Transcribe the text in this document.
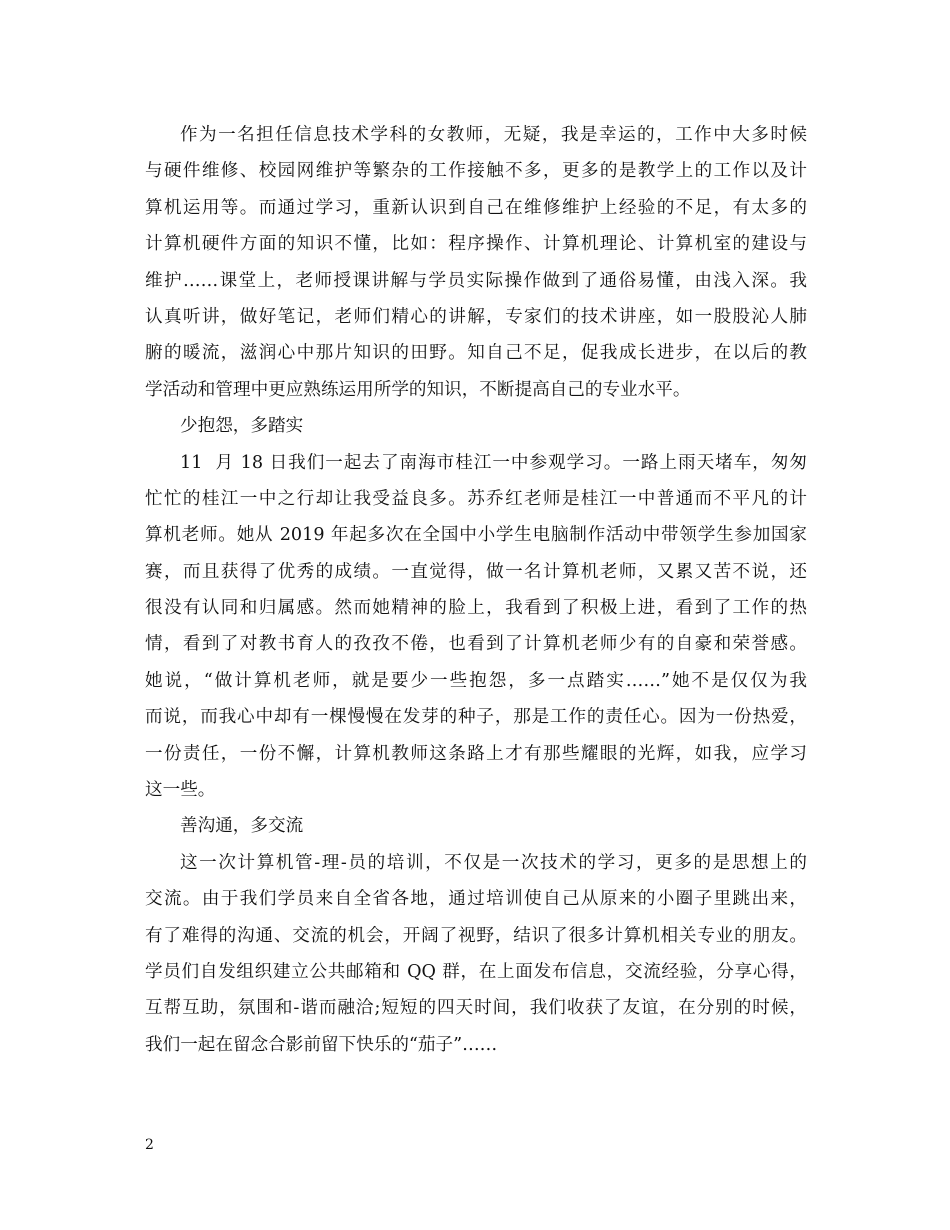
作为一名担任信息技术学科的女教师，无疑，我是幸运的，工作中大多时候
与硬件维修、校园网维护等繁杂的工作接触不多，更多的是教学上的工作以及计
算机运用等。而通过学习，重新认识到自己在维修维护上经验的不足，有太多的
计算机硬件方面的知识不懂，比如：程序操作、计算机理论、计算机室的建设与
维护……课堂上，老师授课讲解与学员实际操作做到了通俗易懂，由浅入深。我
认真听讲，做好笔记，老师们精心的讲解，专家们的技术讲座，如一股股沁人肺
腑的暖流，滋润心中那片知识的田野。知自己不足，促我成长进步，在以后的教
学活动和管理中更应熟练运用所学的知识，不断提高自己的专业水平。
少抱怨，多踏实
11  月 18 日我们一起去了南海市桂江一中参观学习。一路上雨天堵车，匆匆
忙忙的桂江一中之行却让我受益良多。苏乔红老师是桂江一中普通而不平凡的计
算机老师。她从 2019 年起多次在全国中小学生电脑制作活动中带领学生参加国家
赛，而且获得了优秀的成绩。一直觉得，做一名计算机老师，又累又苦不说，还
很没有认同和归属感。然而她精神的脸上，我看到了积极上进，看到了工作的热
情，看到了对教书育人的孜孜不倦，也看到了计算机老师少有的自豪和荣誉感。
她说，“做计算机老师，就是要少一些抱怨，多一点踏实……”她不是仅仅为我
而说，而我心中却有一棵慢慢在发芽的种子，那是工作的责任心。因为一份热爱，
一份责任，一份不懈，计算机教师这条路上才有那些耀眼的光辉，如我，应学习
这一些。
善沟通，多交流
这一次计算机管-理-员的培训，不仅是一次技术的学习，更多的是思想上的
交流。由于我们学员来自全省各地，通过培训使自己从原来的小圈子里跳出来，
有了难得的沟通、交流的机会，开阔了视野，结识了很多计算机相关专业的朋友。
学员们自发组织建立公共邮箱和 QQ 群，在上面发布信息，交流经验，分享心得，
互帮互助，氛围和-谐而融洽;短短的四天时间，我们收获了友谊，在分别的时候，
我们一起在留念合影前留下快乐的“茄子”……
2
